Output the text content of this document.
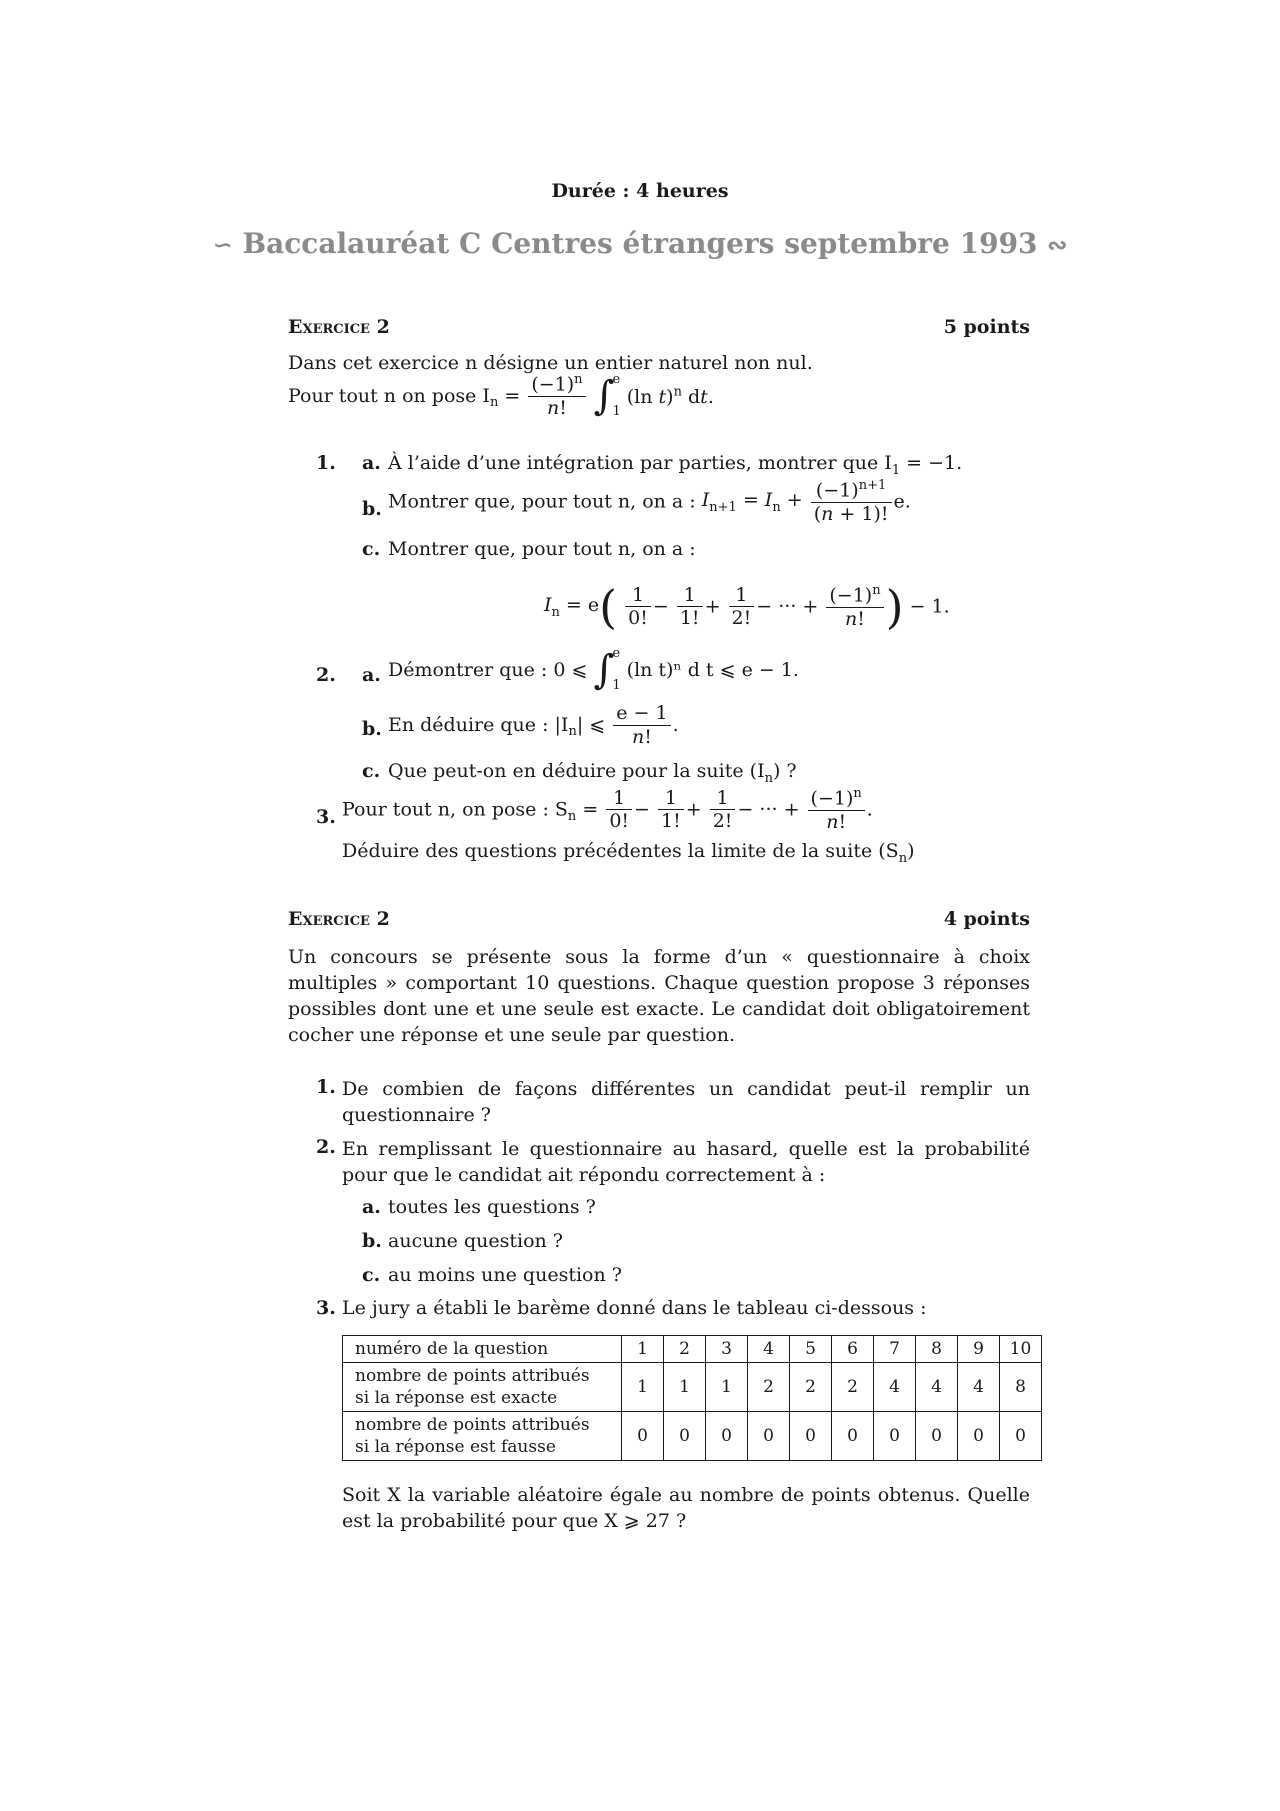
Durée : 4 heures
∽ Baccalauréat C Centres étrangers septembre 1993 ∾
Exercice 2	5 points
Dans cet exercice n désigne un entier naturel non nul.
Pour tout n on pose $I_n = \frac{(-1)^n}{n!}$ ∫
e
1
(ln t)$^n$ dt.
1. a. À l’aide d’une intégration par parties, montrer que $I_1 = -1$.
b. Montrer que, pour tout n, on a : $I_{n+1} = I_n + \frac{(-1)^{n+1}}{(n + 1)!} e$.
c. Montrer que, pour tout n, on a :
$I_n = e( \frac{1}{0!} - \frac{1}{1!} + \frac{1}{2!}$ − ··· + $\frac{(-1)^n}{n!}$ ) − 1.
2. a. Démontrer que : 0 ⩽ ∫
e
1
(ln t)ⁿ d t ⩽ e − 1.
b. En déduire que : $|I_n|$ ⩽ $\frac{e - 1}{n!}$ .
c. Que peut-on en déduire pour la suite $(I_n)$ ?
3. Pour tout n, on pose : $S_n = \frac{1}{0!} - \frac{1}{1!} + \frac{1}{2!}$ − ··· + $\frac{(-1)^n}{n!}$ .
Déduire des questions précédentes la limite de la suite $(S_n)$
Exercice 2	4 points
Un concours se présente sous la forme d’un « questionnaire à choix multiples » comportant 10 questions. Chaque question propose 3 réponses possibles dont une et une seule est exacte. Le candidat doit obligatoirement cocher une réponse et une seule par question.
1. De combien de façons différentes un candidat peut-il remplir un questionnaire ?
2. En remplissant le questionnaire au hasard, quelle est la probabilité pour que le candidat ait répondu correctement à :
a. toutes les questions ?
b. aucune question ?
c. au moins une question ?
3. Le jury a établi le barème donné dans le tableau ci-dessous :
numéro de la question	1	2	3	4	5	6	7	8	9	10
nombre de points attribués si la réponse est exacte	1	1	1	2	2	2	4	4	4	8
nombre de points attribués si la réponse est fausse	0	0	0	0	0	0	0	0	0	0
Soit X la variable aléatoire égale au nombre de points obtenus. Quelle est la probabilité pour que X ⩾ 27 ?
